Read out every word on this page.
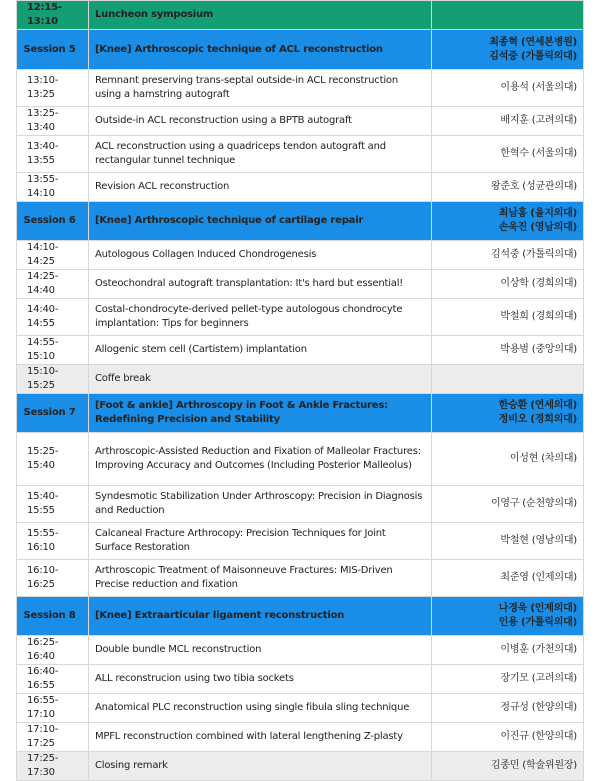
12:15-13:10	Luncheon symposium	
Session 5	[Knee] Arthroscopic technique of ACL reconstruction	최종혁 (연세본병원)
김석중 (가톨릭의대)

13:10-13:25	Remnant preserving trans-septal outside-in ACL reconstruction using a hamstring autograft	이용석 (서울의대)
13:25-13:40	Outside-in ACL reconstruction using a BPTB autograft	배지훈 (고려의대)
13:40-13:55	ACL reconstruction using a quadriceps tendon autograft and rectangular tunnel technique	한혁수 (서울의대)
13:55-14:10	Revision ACL reconstruction	왕준호 (성균관의대)
Session 6	[Knee] Arthroscopic technique of cartilage repair	최남홍 (을지의대)
손욱진 (영남의대)

14:10-14:25	Autologous Collagen Induced Chondrogenesis	김석중 (가톨릭의대)
14:25-14:40	Osteochondral autograft transplantation: It's hard but essential!	이상학 (경희의대)
14:40-14:55	Costal-chondrocyte-derived pellet-type autologous chondrocyte implantation: Tips for beginners	박철희 (경희의대)
14:55-15:10	Allogenic stem cell (Cartistem) implantation	박용범 (중앙의대)
15:10-15:25	Coffe break	
Session 7	[Foot & ankle] Arthroscopy in Foot & Ankle Fractures: Redefining Precision and Stability	한승환 (연세의대)
정비오 (경희의대)

15:25-15:40	Arthroscopic-Assisted Reduction and Fixation of Malleolar Fractures: Improving Accuracy and Outcomes (Including Posterior Malleolus)	이성현 (차의대)
15:40-15:55	Syndesmotic Stabilization Under Arthroscopy: Precision in Diagnosis and Reduction	이영구 (순천향의대)
15:55-16:10	Calcaneal Fracture Arthrocopy: Precision Techniques for Joint Surface Restoration	박철현 (영남의대)
16:10-16:25	Arthroscopic Treatment of Maisonneuve Fractures: MIS-Driven Precise reduction and fixation	최준영 (인제의대)
Session 8	[Knee] Extraarticular ligament reconstruction	나경욱 (인제의대)
인용 (가톨릭의대)

16:25-16:40	Double bundle MCL reconstruction	이병훈 (가천의대)
16:40-16:55	ALL reconstrucion using two tibia sockets	장기모 (고려의대)
16:55-17:10	Anatomical PLC reconstruction using single fibula sling technique	정규성 (한양의대)
17:10-17:25	MPFL reconstruction combined with lateral lengthening Z-plasty	이진규 (한양의대)
17:25-17:30	Closing remark	김종민 (학술위원장)
